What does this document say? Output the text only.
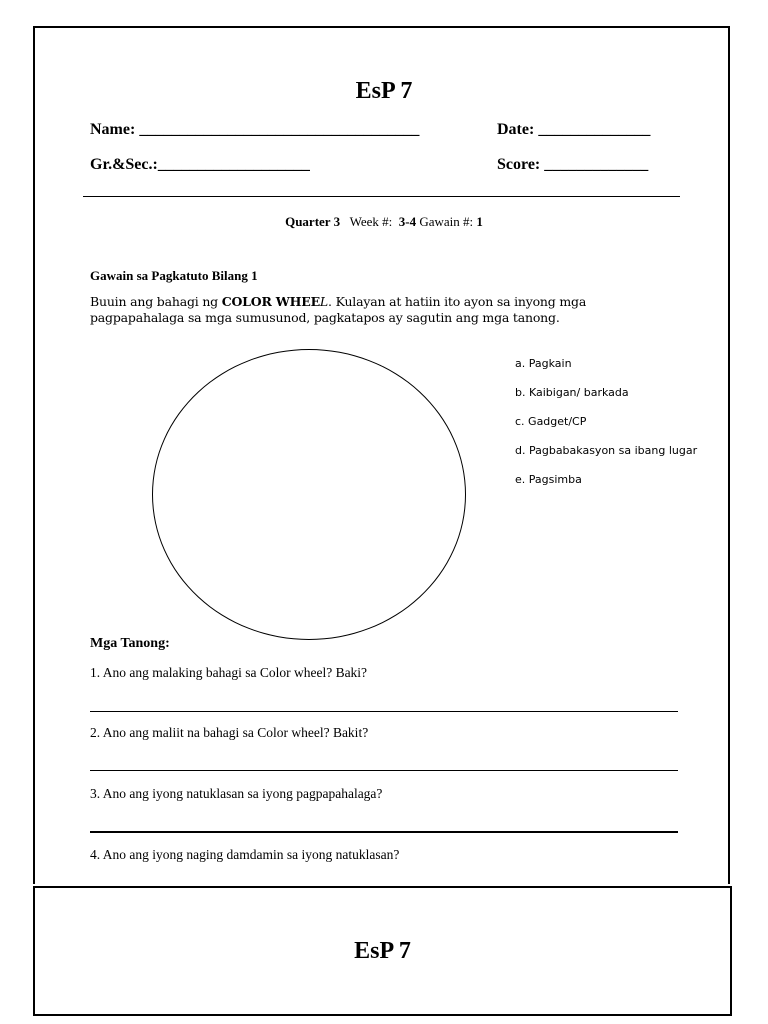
EsP 7
Name: ___________________________________	Date: ______________
Gr.&Sec.:___________________	Score: _____________
Quarter 3 Week #: 3-4 Gawain #: 1
Gawain sa Pagkatuto Bilang 1
Buuin ang bahagi ng COLOR WHEEL. Kulayan at hatiin ito ayon sa inyong mga pagpapahalaga sa mga sumusunod, pagkatapos ay sagutin ang mga tanong.
a. Pagkain
b. Kaibigan/ barkada
c. Gadget/CP
d. Pagbabakasyon sa ibang lugar
e. Pagsimba
Mga Tanong:
1. Ano ang malaking bahagi sa Color wheel? Baki?
2. Ano ang maliit na bahagi sa Color wheel? Bakit?
3. Ano ang iyong natuklasan sa iyong pagpapahalaga?
4. Ano ang iyong naging damdamin sa iyong natuklasan?
EsP 7
